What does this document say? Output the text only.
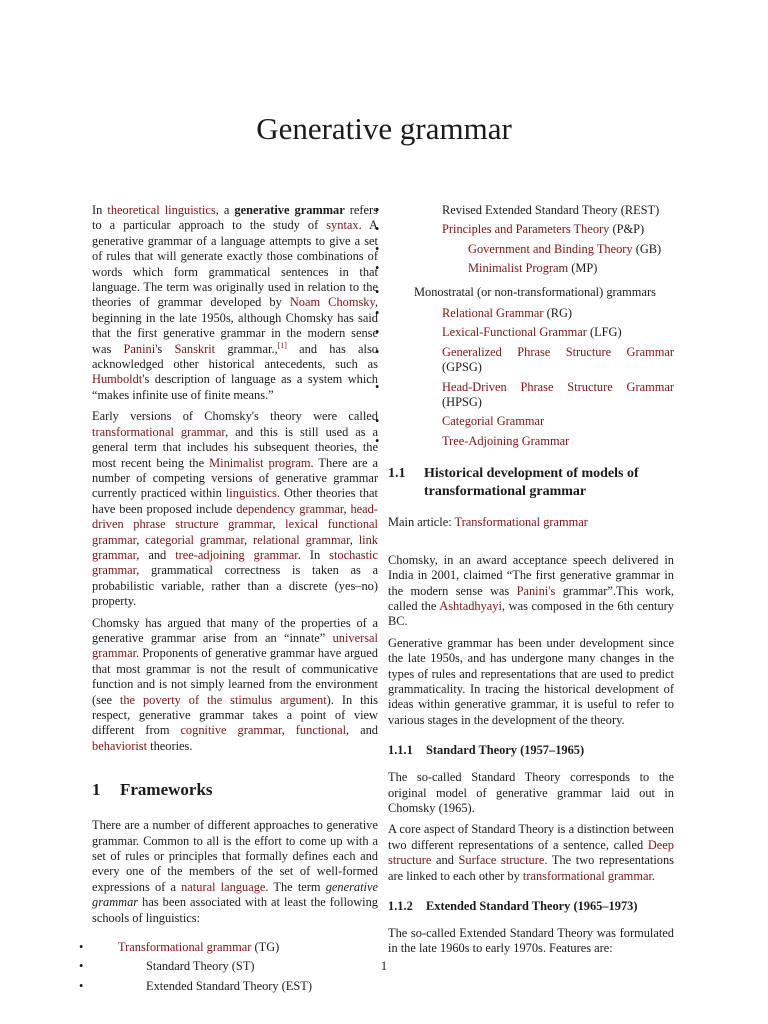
Generative grammar

In theoretical linguistics, a generative grammar refers to a particular approach to the study of syntax. A generative grammar of a language attempts to give a set of rules that will generate exactly those combinations of words which form grammatical sentences in that language. The term was originally used in relation to the theories of grammar developed by Noam Chomsky, beginning in the late 1950s, although Chomsky has said that the first generative grammar in the modern sense was Panini's Sanskrit grammar.,[1] and has also acknowledged other historical antecedents, such as Humboldt's description of language as a system which “makes infinite use of finite means.”

Early versions of Chomsky's theory were called transformational grammar, and this is still used as a general term that includes his subsequent theories, the most recent being the Minimalist program. There are a number of competing versions of generative grammar currently practiced within linguistics. Other theories that have been proposed include dependency grammar, head-driven phrase structure grammar, lexical functional grammar, categorial grammar, relational grammar, link grammar, and tree-adjoining grammar. In stochastic grammar, grammatical correctness is taken as a probabilistic variable, rather than a discrete (yes–no) property.

Chomsky has argued that many of the properties of a generative grammar arise from an “innate” universal grammar. Proponents of generative grammar have argued that most grammar is not the result of communicative function and is not simply learned from the environment (see the poverty of the stimulus argument). In this respect, generative grammar takes a point of view different from cognitive grammar, functional, and behaviorist theories.

1	Frameworks

There are a number of different approaches to generative grammar. Common to all is the effort to come up with a set of rules or principles that formally defines each and every one of the members of the set of well-formed expressions of a natural language. The term generative grammar has been associated with at least the following schools of linguistics:

• Transformational grammar (TG)
• Standard Theory (ST)
• Extended Standard Theory (EST)
• Revised Extended Standard Theory (REST)
• Principles and Parameters Theory (P&P)
• Government and Binding Theory (GB)
• Minimalist Program (MP)
• Monostratal (or non-transformational) grammars
• Relational Grammar (RG)
• Lexical-Functional Grammar (LFG)
• Generalized Phrase Structure Grammar (GPSG)
• Head-Driven Phrase Structure Grammar (HPSG)
• Categorial Grammar
• Tree-Adjoining Grammar
1.1	Historical development of models of transformational grammar
Main article: Transformational grammar

Chomsky, in an award acceptance speech delivered in India in 2001, claimed “The first generative grammar in the modern sense was Panini's grammar”.This work, called the Ashtadhyayi, was composed in the 6th century BC.

Generative grammar has been under development since the late 1950s, and has undergone many changes in the types of rules and representations that are used to predict grammaticality. In tracing the historical development of ideas within generative grammar, it is useful to refer to various stages in the development of the theory.

1.1.1	Standard Theory (1957–1965)

The so-called Standard Theory corresponds to the original model of generative grammar laid out in Chomsky (1965).

A core aspect of Standard Theory is a distinction between two different representations of a sentence, called Deep structure and Surface structure. The two representations are linked to each other by transformational grammar.

1.1.2	Extended Standard Theory (1965–1973)

The so-called Extended Standard Theory was formulated in the late 1960s to early 1970s. Features are:

1
